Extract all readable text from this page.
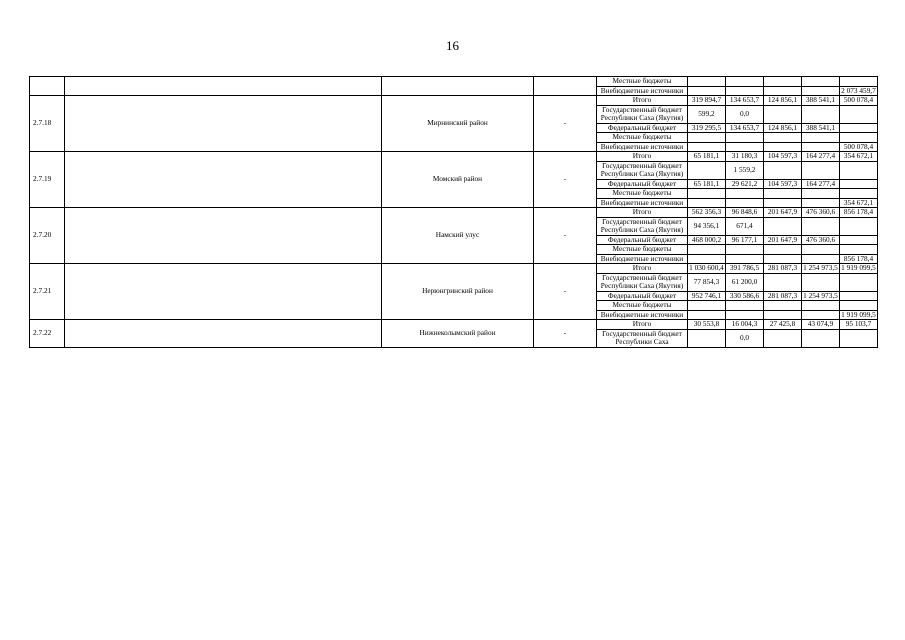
16
				Местные бюджеты					
				Внебюджетные источники					2 073 459,7
2.7.18		Мирнинский район	-	Итого	319 894,7	134 653,7	124 856,1	388 541,1	500 078,4
				Государственный бюджет Республики Саха (Якутия)	599,2	0,0			
				Федеральный бюджет	319 295,5	134 653,7	124 856,1	388 541,1	
				Местные бюджеты					
				Внебюджетные источники					500 078,4
2.7.19		Момский район	-	Итого	65 181,1	31 180,3	104 597,3	164 277,4	354 672,1
				Государственный бюджет Республики Саха (Якутия)		1 559,2			
				Федеральный бюджет	65 181,1	29 621,2	104 597,3	164 277,4	
				Местные бюджеты					
				Внебюджетные источники					354 672,1
2.7.20		Намский улус	-	Итого	562 356,3	96 848,6	201 647,9	476 360,6	856 178,4
				Государственный бюджет Республики Саха (Якутия)	94 356,1	671,4			
				Федеральный бюджет	468 000,2	96 177,1	201 647,9	476 360,6	
				Местные бюджеты					
				Внебюджетные источники					856 178,4
2.7.21		Нерюнгринский район	-	Итого	1 030 600,4	391 786,5	281 087,3	1 254 973,5	1 919 099,5
				Государственный бюджет Республики Саха (Якутия)	77 854,3	61 200,0			
				Федеральный бюджет	952 746,1	330 586,6	281 087,3	1 254 973,5	
				Местные бюджеты					
				Внебюджетные источники					1 919 099,5
2.7.22		Нижнеколымский район	-	Итого	30 553,8	16 004,3	27 425,8	43 074,9	95 103,7
				Государственный бюджет Республики Саха		0,0			
